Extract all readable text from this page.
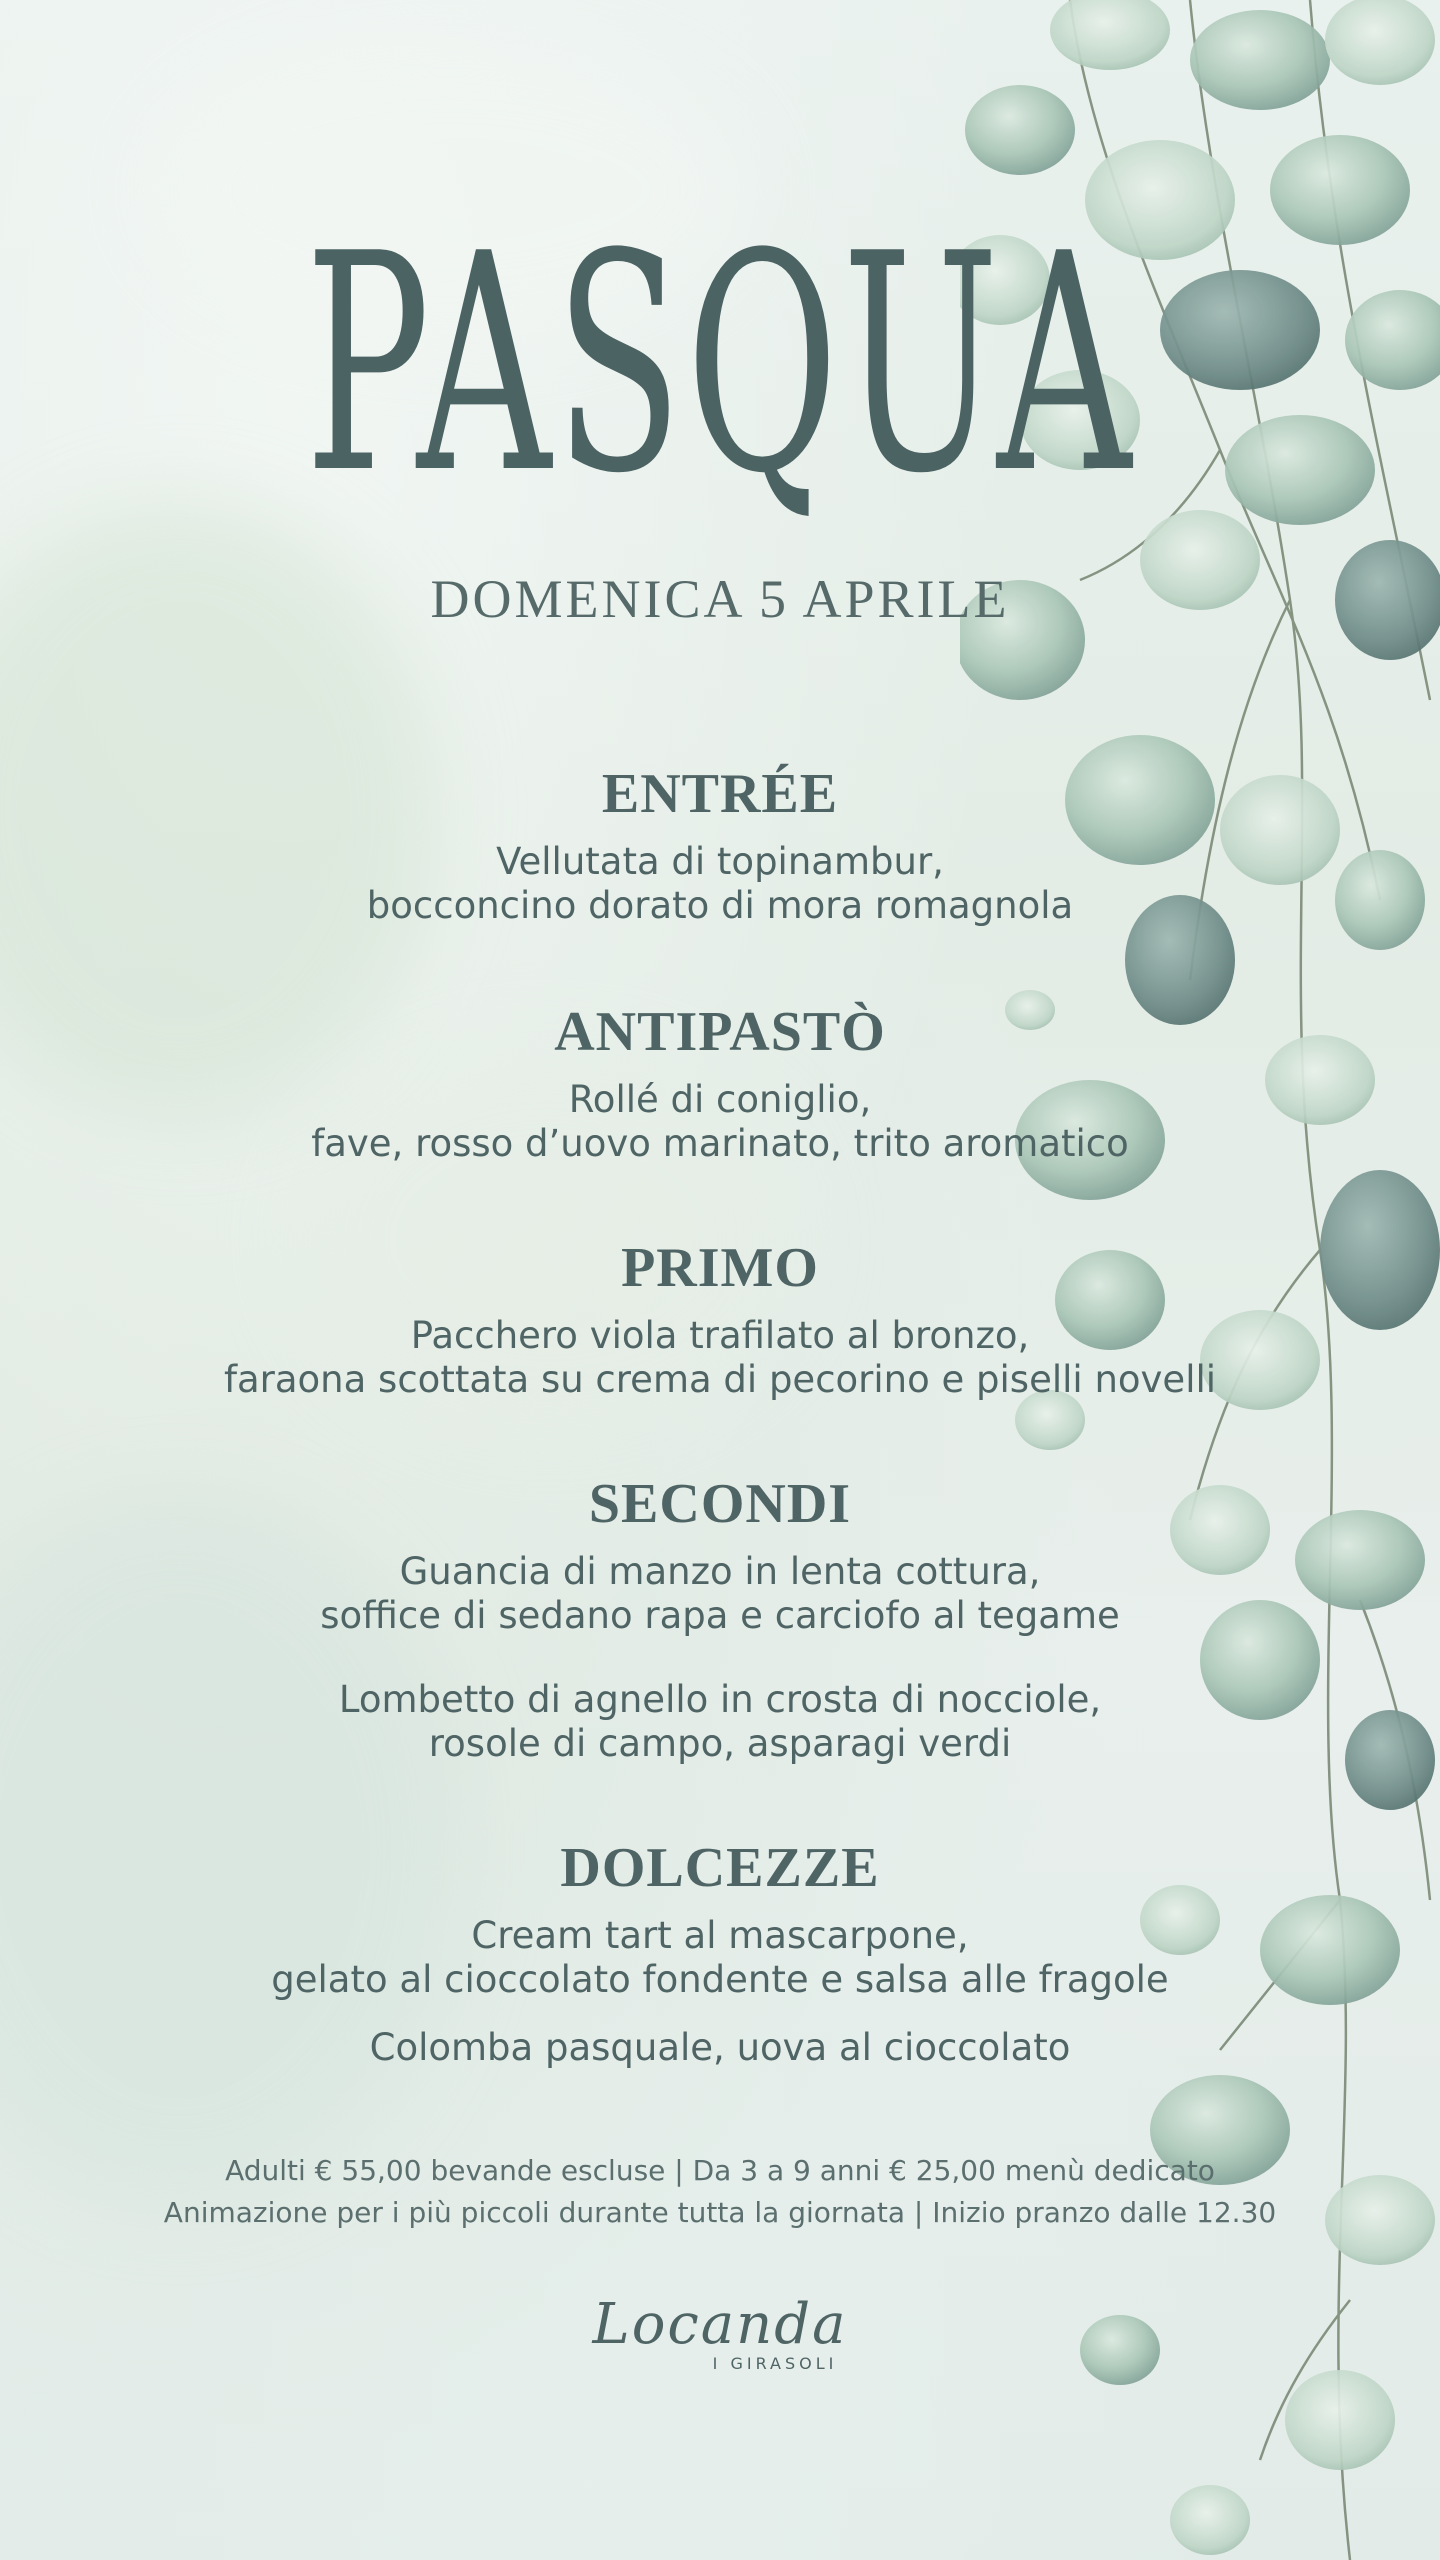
PASQUA
DOMENICA 5 APRILE
ENTRÉE

Vellutata di topinambur,

bocconcino dorato di mora romagnola

ANTIPASTÒ

Rollé di coniglio,

fave, rosso d’uovo marinato, trito aromatico

PRIMO

Pacchero viola trafilato al bronzo,

faraona scottata su crema di pecorino e piselli novelli

SECONDI

Guancia di manzo in lenta cottura,

soffice di sedano rapa e carciofo al tegame

Lombetto di agnello in crosta di nocciole,

rosole di campo, asparagi verdi

DOLCEZZE

Cream tart al mascarpone,

gelato al cioccolato fondente e salsa alle fragole

Colomba pasquale, uova al cioccolato

Adulti € 55,00 bevande escluse | Da 3 a 9 anni € 25,00 menù dedicato
Animazione per i più piccoli durante tutta la giornata | Inizio pranzo dalle 12.30
Locanda
I GIRASOLI
